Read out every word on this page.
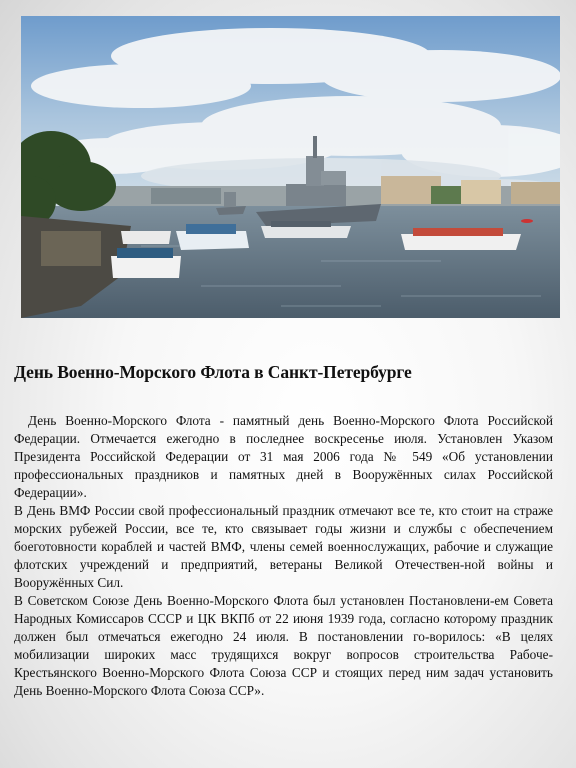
День Военно-Морского Флота в Санкт-Петербурге

День Военно-Морского Флота - памятный день Военно-Морского Флота Российской Федерации. Отмечается ежегодно в последнее воскресенье июля. Установлен Указом Президента Российской Федерации от 31 мая 2006 года № 549 «Об установлении профессиональных праздников и памятных дней в Вооружённых силах Российской Федерации».

В День ВМФ России свой профессиональный праздник отмечают все те, кто стоит на страже морских рубежей России, все те, кто связывает годы жизни и службы с обеспечением боеготовности кораблей и частей ВМФ, члены семей военнослужащих, рабочие и служащие флотских учреждений и предприятий, ветераны Великой Отечествен-ной войны и Вооружённых Сил.

В Советском Союзе День Военно-Морского Флота был установлен Постановлени-ем Совета Народных Комиссаров СССР и ЦК ВКПб от 22 июня 1939 года, согласно которому праздник должен был отмечаться ежегодно 24 июля. В постановлении го-ворилось: «В целях мобилизации широких масс трудящихся вокруг вопросов строительства Рабоче-Крестьянского Военно-Морского Флота Союза ССР и стоящих перед ним задач установить День Военно-Морского Флота Союза ССР».
